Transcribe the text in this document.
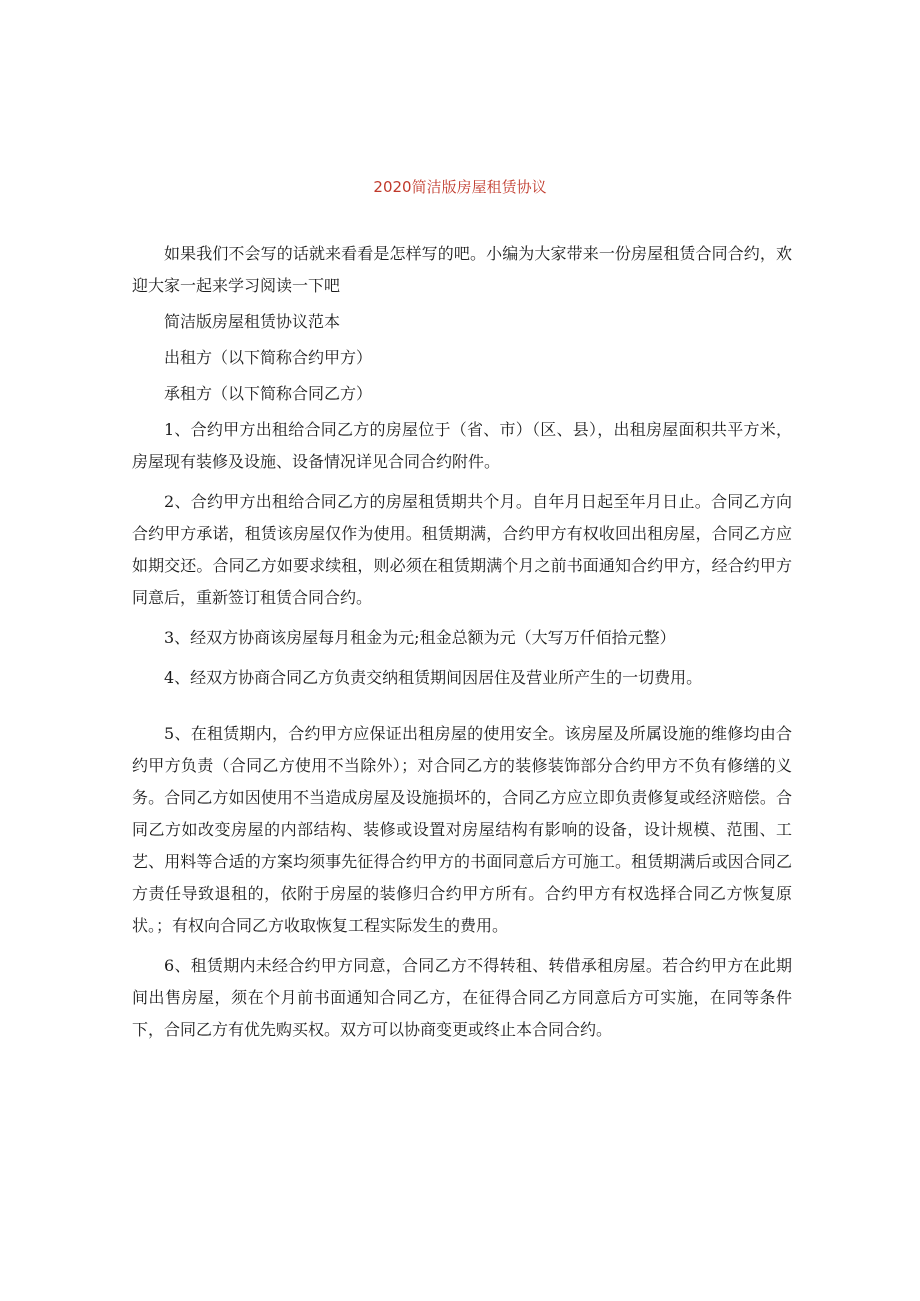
2020简洁版房屋租赁协议

如果我们不会写的话就来看看是怎样写的吧。小编为大家带来一份房屋租赁合同合约，欢迎大家一起来学习阅读一下吧

简洁版房屋租赁协议范本

出租方（以下简称合约甲方）

承租方（以下简称合同乙方）

1、合约甲方出租给合同乙方的房屋位于（省、市）（区、县），出租房屋面积共平方米，房屋现有装修及设施、设备情况详见合同合约附件。

2、合约甲方出租给合同乙方的房屋租赁期共个月。自年月日起至年月日止。合同乙方向合约甲方承诺，租赁该房屋仅作为使用。租赁期满，合约甲方有权收回出租房屋，合同乙方应如期交还。合同乙方如要求续租，则必须在租赁期满个月之前书面通知合约甲方，经合约甲方同意后，重新签订租赁合同合约。

3、经双方协商该房屋每月租金为元;租金总额为元（大写万仟佰拾元整）

4、经双方协商合同乙方负责交纳租赁期间因居住及营业所产生的一切费用。

5、在租赁期内，合约甲方应保证出租房屋的使用安全。该房屋及所属设施的维修均由合约甲方负责（合同乙方使用不当除外）；对合同乙方的装修装饰部分合约甲方不负有修缮的义务。合同乙方如因使用不当造成房屋及设施损坏的，合同乙方应立即负责修复或经济赔偿。合同乙方如改变房屋的内部结构、装修或设置对房屋结构有影响的设备，设计规模、范围、工艺、用料等合适的方案均须事先征得合约甲方的书面同意后方可施工。租赁期满后或因合同乙方责任导致退租的，依附于房屋的装修归合约甲方所有。合约甲方有权选择合同乙方恢复原状。；有权向合同乙方收取恢复工程实际发生的费用。

6、租赁期内未经合约甲方同意，合同乙方不得转租、转借承租房屋。若合约甲方在此期间出售房屋，须在个月前书面通知合同乙方，在征得合同乙方同意后方可实施，在同等条件下，合同乙方有优先购买权。双方可以协商变更或终止本合同合约。
